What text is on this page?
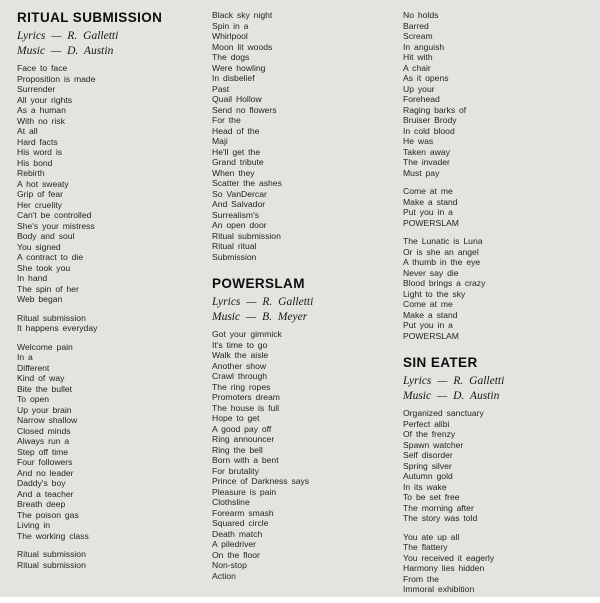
RITUAL SUBMISSION
Lyrics — R. Galletti
Music — D. Austin
Face to face
Proposition is made
Surrender
All your rights
As a human
With no risk
At all
Hard facts
His word is
His bond
Rebirth
A hot sweaty
Grip of fear
Her cruelity
Can't be controlled
She's your mistress
Body and soul
You signed
A contract to die
She took you
In hand
The spin of her
Web began
Ritual submission
It happens everyday
Welcome pain
In a
Different
Kind of way
Bite the bullet
To open
Up your brain
Narrow shallow
Closed minds
Always run a
Step off time
Four followers
And no leader
Daddy's boy
And a teacher
Breath deep
The poison gas
Living in
The working class
Ritual submission
Ritual submission
Black sky night
Spin in a
Whirlpool
Moon lit woods
The dogs
Were howling
In disbelief
Past
Quail Hollow
Send no flowers
For the
Head of the
Maji
He'll get the
Grand tribute
When they
Scatter the ashes
So VanDercar
And Salvador
Surrealism's
An open door
Ritual submission
Ritual ritual
Submission
POWERSLAM
Lyrics — R. Galletti
Music — B. Meyer
Got your gimmick
It's time to go
Walk the aisle
Another show
Crawl through
The ring ropes
Promoters dream
The house is full
Hope to get
A good pay off
Ring announcer
Ring the bell
Born with a bent
For brutality
Prince of Darkness says
Pleasure is pain
Clothsline
Forearm smash
Squared circle
Death match
A piledriver
On the floor
Non-stop
Action
No holds
Barred
Scream
In anguish
Hit with
A chair
As it opens
Up your
Forehead
Raging barks of
Bruiser Brody
In cold blood
He was
Taken away
The invader
Must pay
Come at me
Make a stand
Put you in a
POWERSLAM
The Lunatic is Luna
Or is she an angel
A thumb in the eye
Never say die
Blood brings a crazy
Light to the sky
Come at me
Make a stand
Put you in a
POWERSLAM
SIN EATER
Lyrics — R. Galletti
Music — D. Austin
Organized sanctuary
Perfect alibi
Of the frenzy
Spawn watcher
Self disorder
Spring silver
Autumn gold
In its wake
To be set free
The morning after
The story was told
You ate up all
The flattery
You received it eagerly
Harmony lies hidden
From the
Immoral exhibition
